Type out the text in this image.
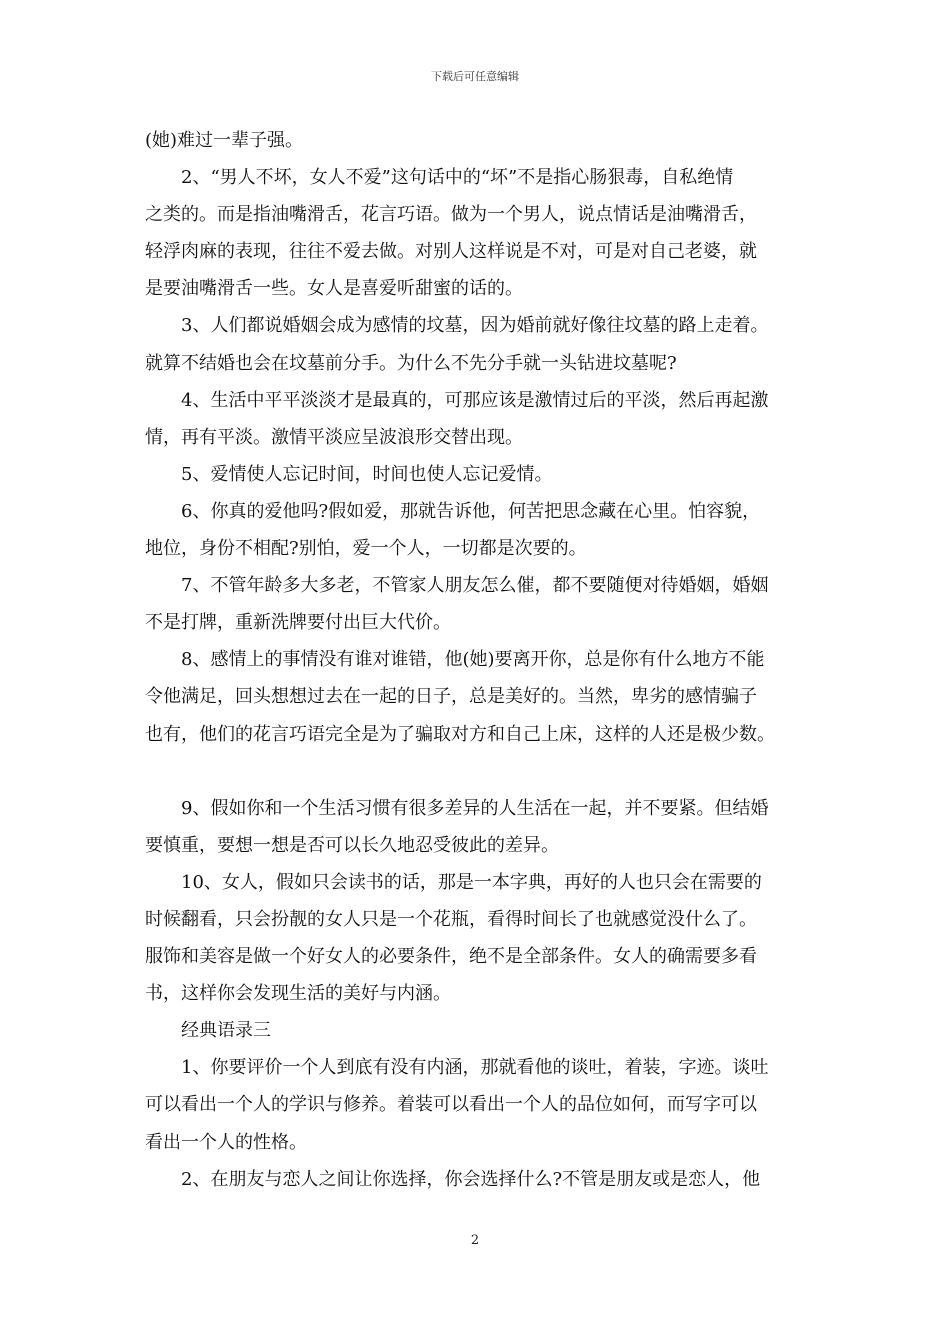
下载后可任意编辑
(她)难过一辈子强。
2、“男人不坏，女人不爱”这句话中的“坏”不是指心肠狠毒，自私绝情
之类的。而是指油嘴滑舌，花言巧语。做为一个男人，说点情话是油嘴滑舌，
轻浮肉麻的表现，往往不爱去做。对别人这样说是不对，可是对自己老婆，就
是要油嘴滑舌一些。女人是喜爱听甜蜜的话的。
3、人们都说婚姻会成为感情的坟墓，因为婚前就好像往坟墓的路上走着。
就算不结婚也会在坟墓前分手。为什么不先分手就一头钻进坟墓呢?
4、生活中平平淡淡才是最真的，可那应该是激情过后的平淡，然后再起激
情，再有平淡。激情平淡应呈波浪形交替出现。
5、爱情使人忘记时间，时间也使人忘记爱情。
6、你真的爱他吗?假如爱，那就告诉他，何苦把思念藏在心里。怕容貌，
地位，身份不相配?别怕，爱一个人，一切都是次要的。
7、不管年龄多大多老，不管家人朋友怎么催，都不要随便对待婚姻，婚姻
不是打牌，重新洗牌要付出巨大代价。
8、感情上的事情没有谁对谁错，他(她)要离开你，总是你有什么地方不能
令他满足，回头想想过去在一起的日子，总是美好的。当然，卑劣的感情骗子
也有，他们的花言巧语完全是为了骗取对方和自己上床，这样的人还是极少数。
9、假如你和一个生活习惯有很多差异的人生活在一起，并不要紧。但结婚
要慎重，要想一想是否可以长久地忍受彼此的差异。
10、女人，假如只会读书的话，那是一本字典，再好的人也只会在需要的
时候翻看，只会扮靓的女人只是一个花瓶，看得时间长了也就感觉没什么了。
服饰和美容是做一个好女人的必要条件，绝不是全部条件。女人的确需要多看
书，这样你会发现生活的美好与内涵。
经典语录三
1、你要评价一个人到底有没有内涵，那就看他的谈吐，着装，字迹。谈吐
可以看出一个人的学识与修养。着装可以看出一个人的品位如何，而写字可以
看出一个人的性格。
2、在朋友与恋人之间让你选择，你会选择什么?不管是朋友或是恋人，他
2
